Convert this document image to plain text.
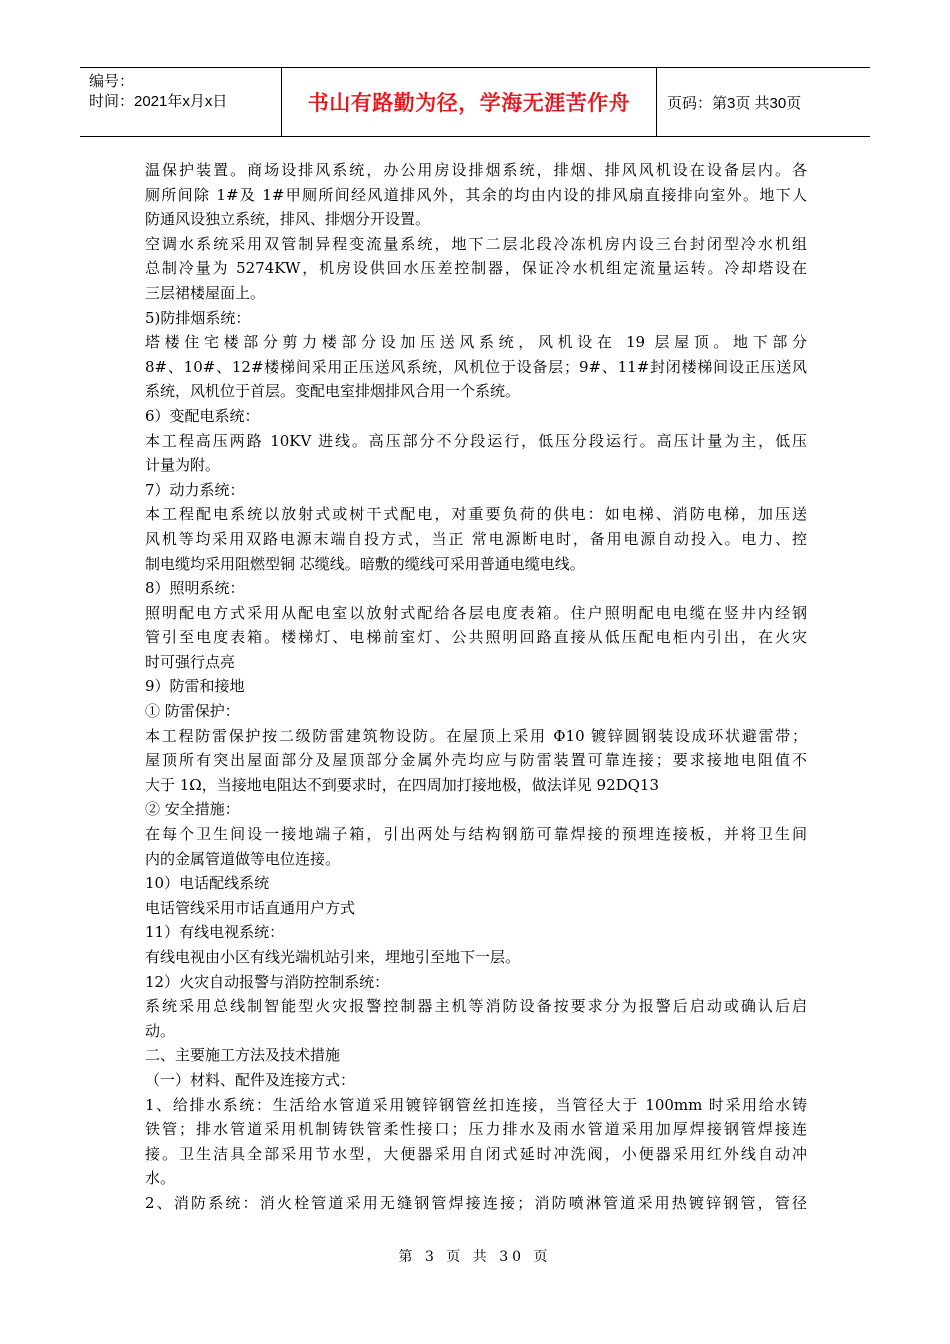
编号：
时间：2021年x月x日	书山有路勤为径，学海无涯苦作舟	页码：第3页 共30页

温保护装置。商场设排风系统，办公用房设排烟系统，排烟、排风风机设在设备层内。各

厕所间除 1#及 1#甲厕所间经风道排风外，其余的均由内设的排风扇直接排向室外。地下人

防通风设独立系统，排风、排烟分开设置。

空调水系统采用双管制异程变流量系统，地下二层北段冷冻机房内设三台封闭型冷水机组

总制冷量为 5274KW，机房设供回水压差控制器，保证冷水机组定流量运转。冷却塔设在

三层裙楼屋面上。

5)防排烟系统：

塔楼住宅楼部分剪力楼部分设加压送风系统，风机设在 19 层屋顶。地下部分

8#、10#、12#楼梯间采用正压送风系统，风机位于设备层；9#、11#封闭楼梯间设正压送风

系统，风机位于首层。变配电室排烟排风合用一个系统。

6）变配电系统：

本工程高压两路 10KV 进线。高压部分不分段运行，低压分段运行。高压计量为主，低压

计量为附。

7）动力系统：

本工程配电系统以放射式或树干式配电，对重要负荷的供电：如电梯、消防电梯，加压送

风机等均采用双路电源末端自投方式，当正 常电源断电时，备用电源自动投入。电力、控

制电缆均采用阻燃型铜 芯缆线。暗敷的缆线可采用普通电缆电线。

8）照明系统：

照明配电方式采用从配电室以放射式配给各层电度表箱。住户照明配电电缆在竖井内经钢

管引至电度表箱。楼梯灯、电梯前室灯、公共照明回路直接从低压配电柜内引出，在火灾

时可强行点亮

9）防雷和接地

① 防雷保护：

本工程防雷保护按二级防雷建筑物设防。在屋顶上采用 Φ10 镀锌圆钢装设成环状避雷带；

屋顶所有突出屋面部分及屋顶部分金属外壳均应与防雷装置可靠连接；要求接地电阻值不

大于 1Ω，当接地电阻达不到要求时，在四周加打接地极，做法详见 92DQ13

② 安全措施：

在每个卫生间设一接地端子箱，引出两处与结构钢筋可靠焊接的预埋连接板，并将卫生间

内的金属管道做等电位连接。

10）电话配线系统

电话管线采用市话直通用户方式

11）有线电视系统：

有线电视由小区有线光端机站引来，埋地引至地下一层。

12）火灾自动报警与消防控制系统：

系统采用总线制智能型火灾报警控制器主机等消防设备按要求分为报警后启动或确认后启

动。

二、主要施工方法及技术措施

（一）材料、配件及连接方式：

1、给排水系统：生活给水管道采用镀锌钢管丝扣连接，当管径大于 100mm 时采用给水铸

铁管；排水管道采用机制铸铁管柔性接口；压力排水及雨水管道采用加厚焊接钢管焊接连

接。卫生洁具全部采用节水型，大便器采用自闭式延时冲洗阀，小便器采用红外线自动冲

水。

2、消防系统：消火栓管道采用无缝钢管焊接连接；消防喷淋管道采用热镀锌钢管，管径

第 3 页 共 30 页
